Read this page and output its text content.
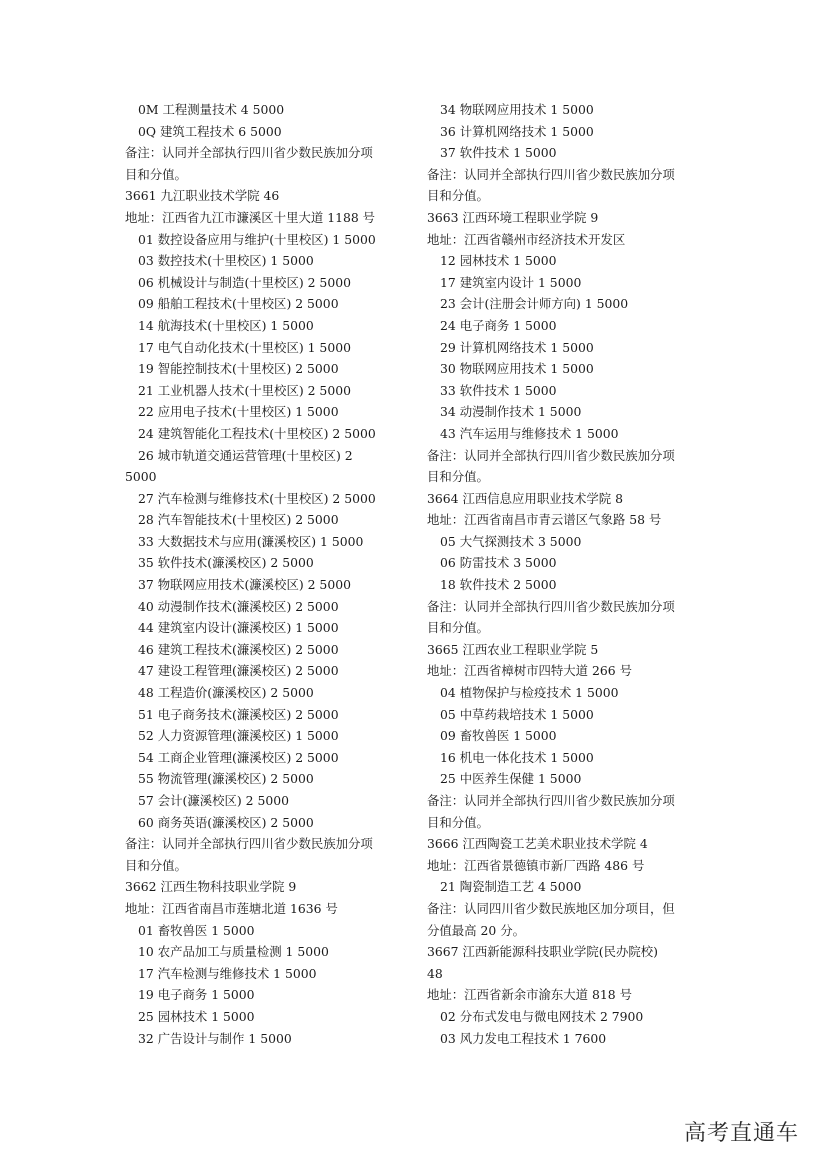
0M 工程测量技术 4 5000
0Q 建筑工程技术 6 5000
备注：认同并全部执行四川省少数民族加分项
目和分值。
3661 九江职业技术学院 46
地址：江西省九江市濂溪区十里大道 1188 号
01 数控设备应用与维护(十里校区) 1 5000
03 数控技术(十里校区) 1 5000
06 机械设计与制造(十里校区) 2 5000
09 船舶工程技术(十里校区) 2 5000
14 航海技术(十里校区) 1 5000
17 电气自动化技术(十里校区) 1 5000
19 智能控制技术(十里校区) 2 5000
21 工业机器人技术(十里校区) 2 5000
22 应用电子技术(十里校区) 1 5000
24 建筑智能化工程技术(十里校区) 2 5000
26 城市轨道交通运营管理(十里校区) 2
5000
27 汽车检测与维修技术(十里校区) 2 5000
28 汽车智能技术(十里校区) 2 5000
33 大数据技术与应用(濂溪校区) 1 5000
35 软件技术(濂溪校区) 2 5000
37 物联网应用技术(濂溪校区) 2 5000
40 动漫制作技术(濂溪校区) 2 5000
44 建筑室内设计(濂溪校区) 1 5000
46 建筑工程技术(濂溪校区) 2 5000
47 建设工程管理(濂溪校区) 2 5000
48 工程造价(濂溪校区) 2 5000
51 电子商务技术(濂溪校区) 2 5000
52 人力资源管理(濂溪校区) 1 5000
54 工商企业管理(濂溪校区) 2 5000
55 物流管理(濂溪校区) 2 5000
57 会计(濂溪校区) 2 5000
60 商务英语(濂溪校区) 2 5000
备注：认同并全部执行四川省少数民族加分项
目和分值。
3662 江西生物科技职业学院 9
地址：江西省南昌市莲塘北道 1636 号
01 畜牧兽医 1 5000
10 农产品加工与质量检测 1 5000
17 汽车检测与维修技术 1 5000
19 电子商务 1 5000
25 园林技术 1 5000
32 广告设计与制作 1 5000
34 物联网应用技术 1 5000
36 计算机网络技术 1 5000
37 软件技术 1 5000
备注：认同并全部执行四川省少数民族加分项
目和分值。
3663 江西环境工程职业学院 9
地址：江西省赣州市经济技术开发区
12 园林技术 1 5000
17 建筑室内设计 1 5000
23 会计(注册会计师方向) 1 5000
24 电子商务 1 5000
29 计算机网络技术 1 5000
30 物联网应用技术 1 5000
33 软件技术 1 5000
34 动漫制作技术 1 5000
43 汽车运用与维修技术 1 5000
备注：认同并全部执行四川省少数民族加分项
目和分值。
3664 江西信息应用职业技术学院 8
地址：江西省南昌市青云谱区气象路 58 号
05 大气探测技术 3 5000
06 防雷技术 3 5000
18 软件技术 2 5000
备注：认同并全部执行四川省少数民族加分项
目和分值。
3665 江西农业工程职业学院 5
地址：江西省樟树市四特大道 266 号
04 植物保护与检疫技术 1 5000
05 中草药栽培技术 1 5000
09 畜牧兽医 1 5000
16 机电一体化技术 1 5000
25 中医养生保健 1 5000
备注：认同并全部执行四川省少数民族加分项
目和分值。
3666 江西陶瓷工艺美术职业技术学院 4
地址：江西省景德镇市新厂西路 486 号
21 陶瓷制造工艺 4 5000
备注：认同四川省少数民族地区加分项目，但
分值最高 20 分。
3667 江西新能源科技职业学院(民办院校)
48
地址：江西省新余市渝东大道 818 号
02 分布式发电与微电网技术 2 7900
03 风力发电工程技术 1 7600
高考直通车
